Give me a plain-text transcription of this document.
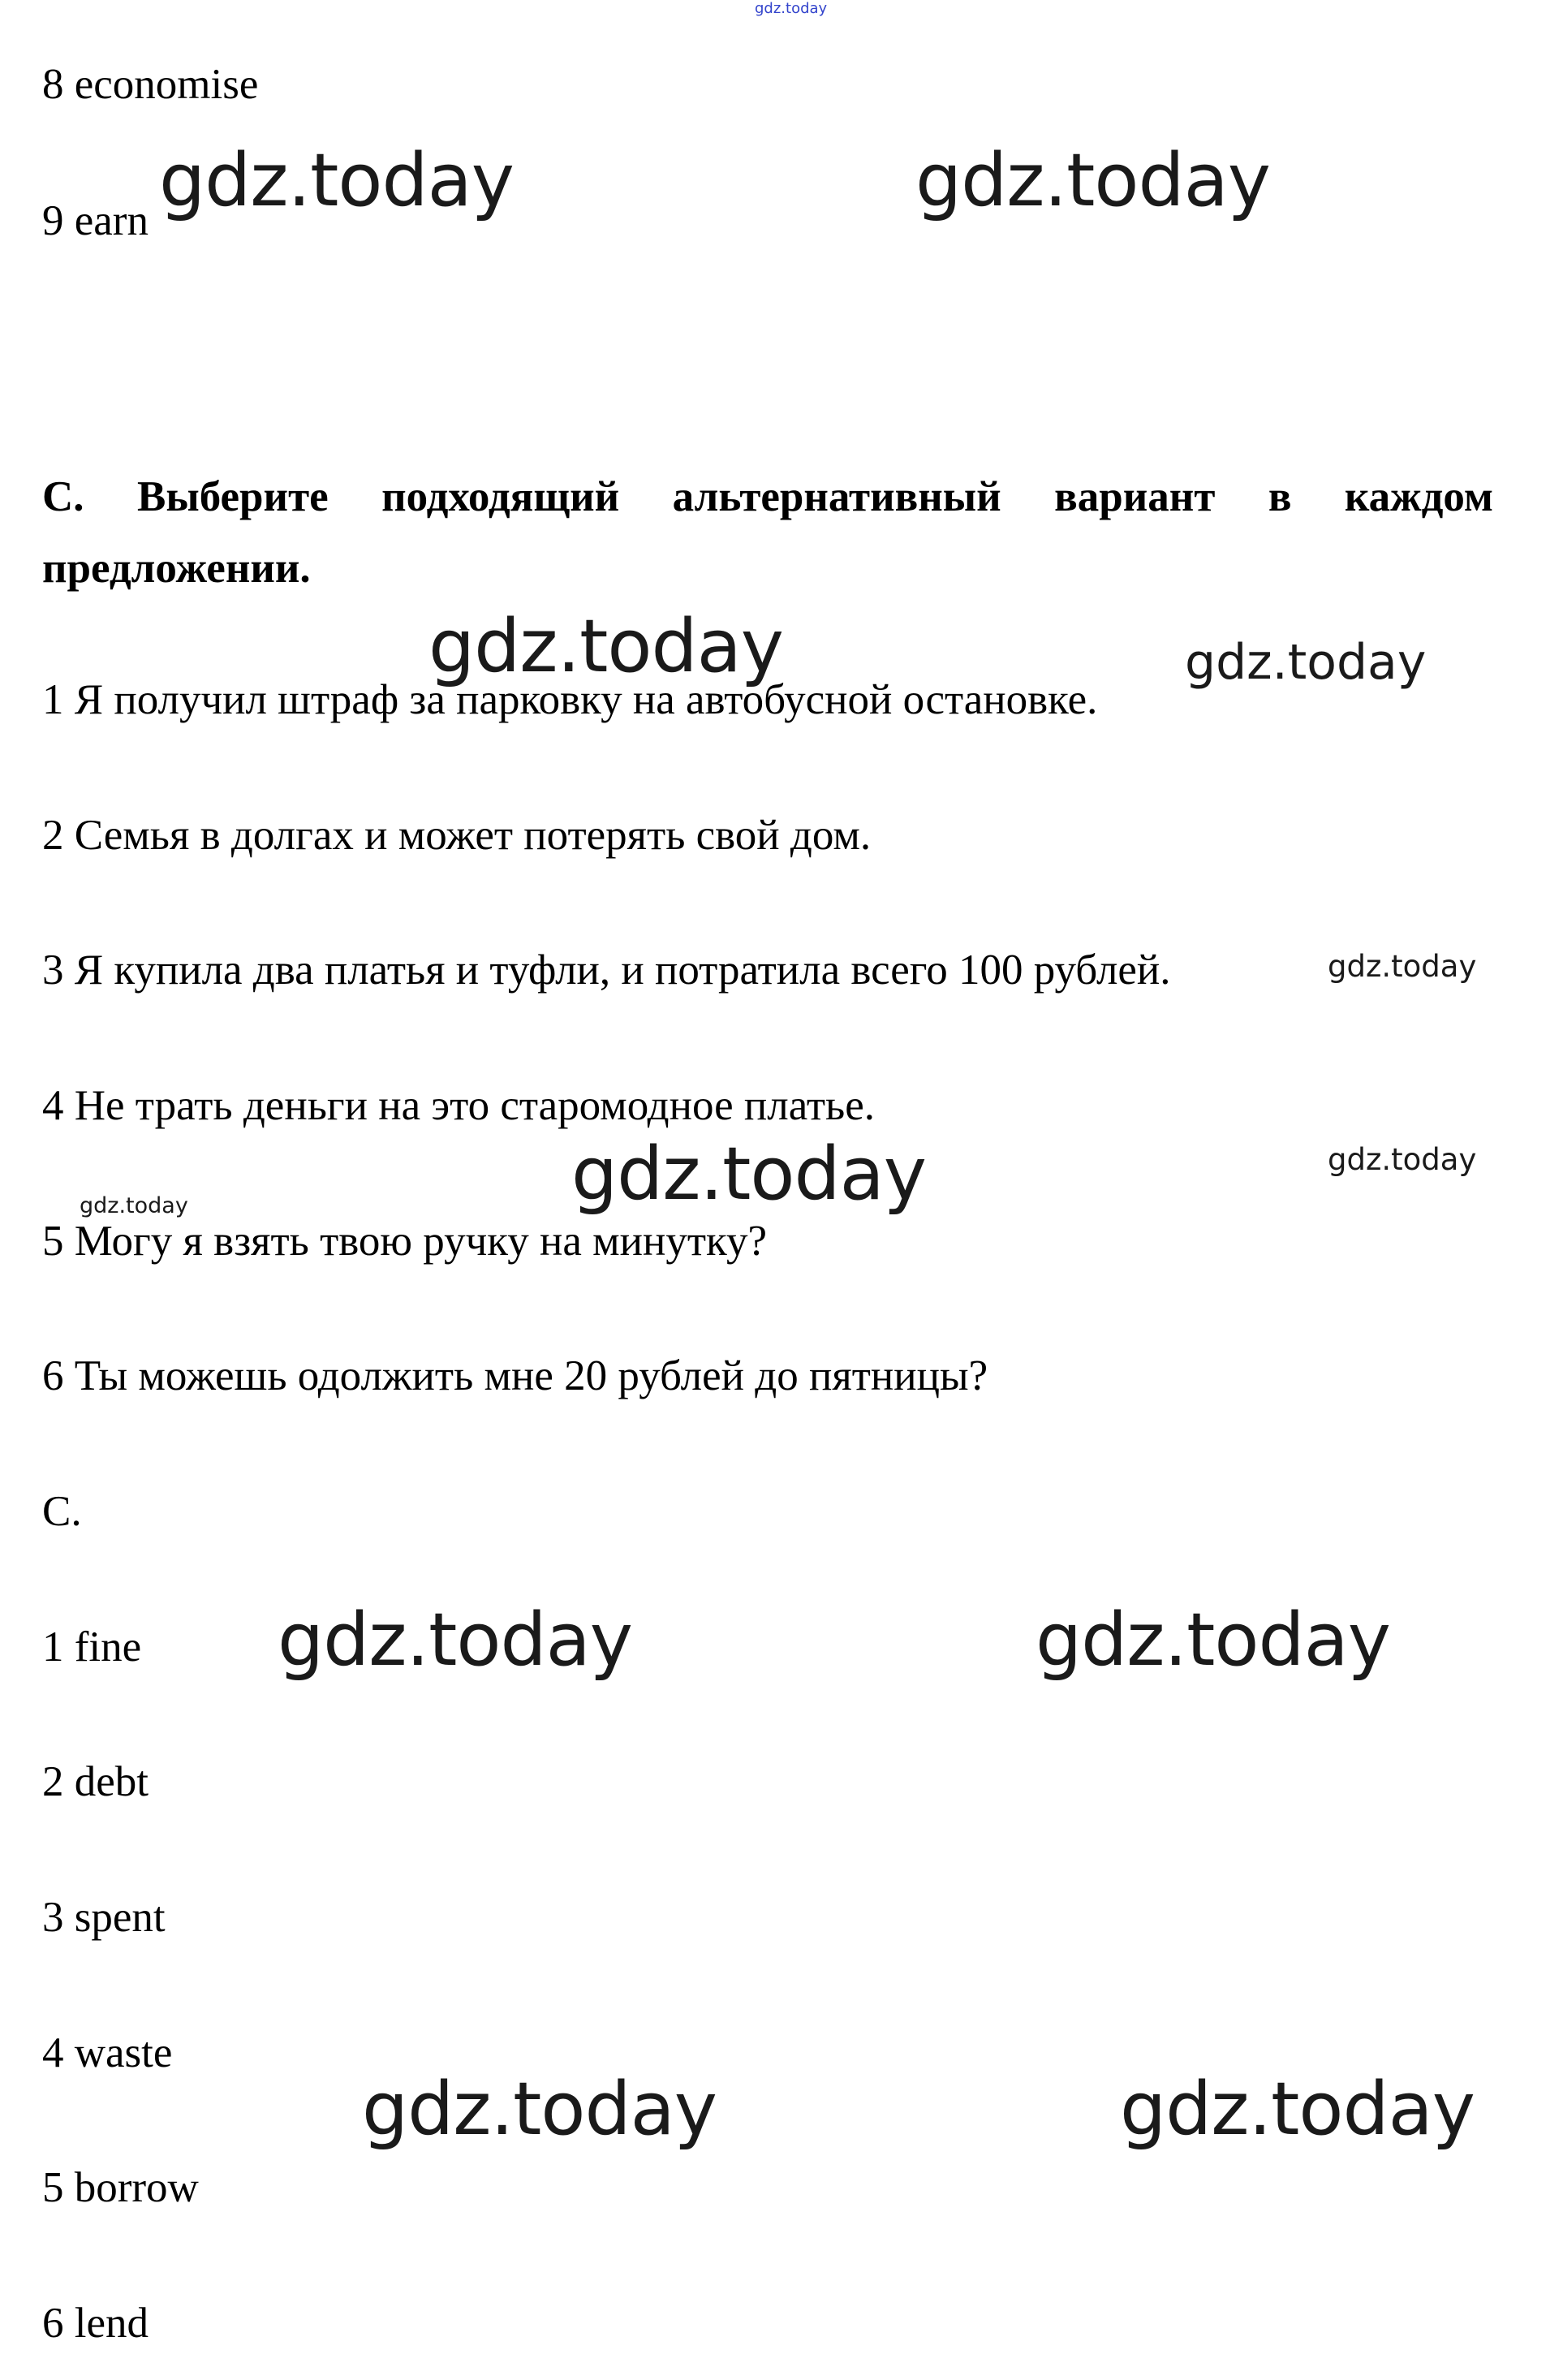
gdz.today

8 economise

9 earn

C. Выберите подходящий альтернативный вариант в каждом предложении.

1 Я получил штраф за парковку на автобусной остановке.

2 Семья в долгах и может потерять свой дом.

3 Я купила два платья и туфли, и потратила всего 100 рублей.

4 Не трать деньги на это старомодное платье.

5 Могу я взять твою ручку на минутку?

6 Ты можешь одолжить мне 20 рублей до пятницы?

C.

1 fine

2 debt

3 spent

4 waste

5 borrow

6 lend

gdz.today	gdz.today
gdz.today	gdz.today
gdz.today
gdz.today
gdz.today
gdz.today
gdz.today	gdz.today
gdz.today	gdz.today
